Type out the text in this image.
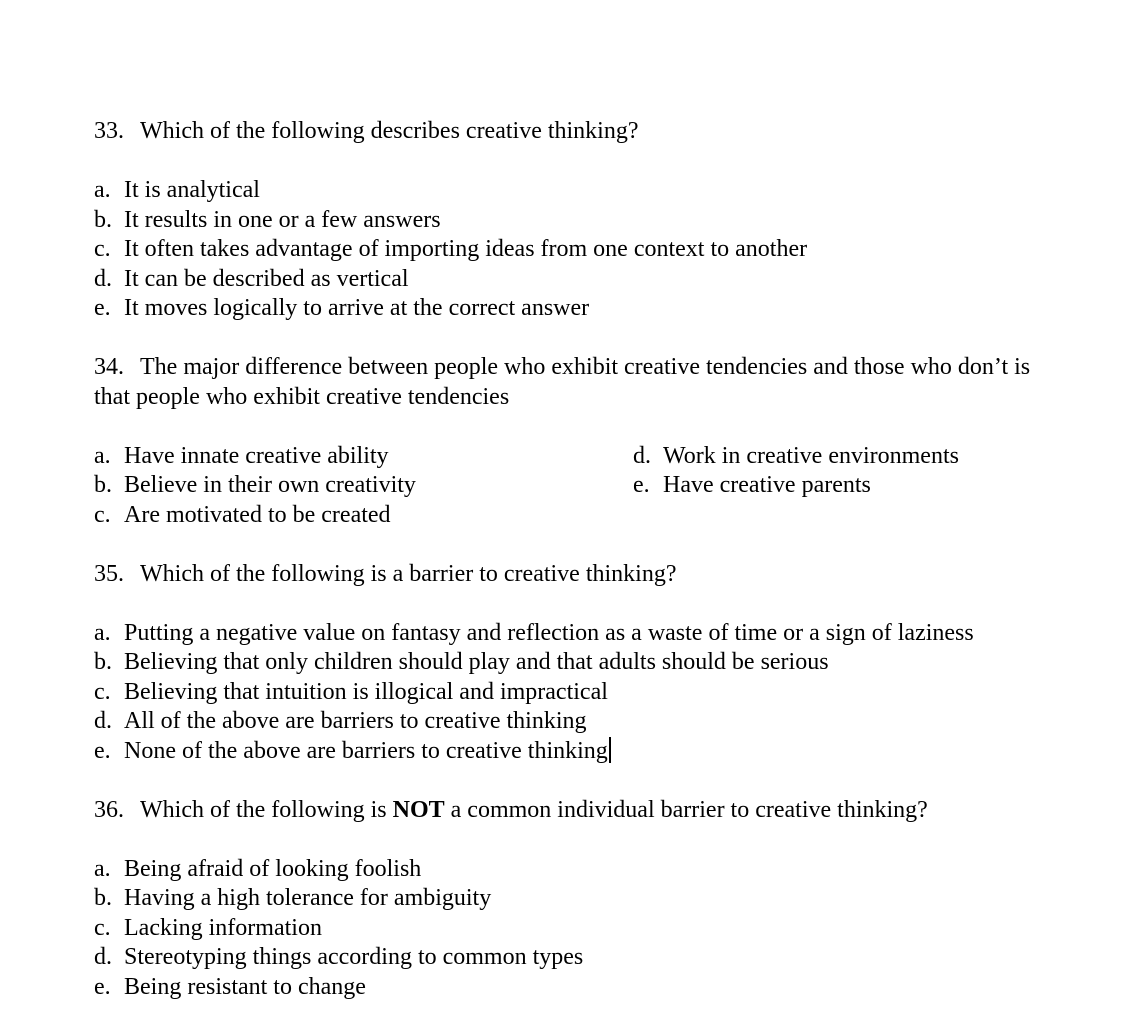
33. Which of the following describes creative thinking?
a. It is analytical
b. It results in one or a few answers
c. It often takes advantage of importing ideas from one context to another
d. It can be described as vertical
e. It moves logically to arrive at the correct answer
34. The major difference between people who exhibit creative tendencies and those who don’t is
that people who exhibit creative tendencies
a. Have innate creative ability
b. Believe in their own creativity
c. Are motivated to be created
d. Work in creative environments
e. Have creative parents
35. Which of the following is a barrier to creative thinking?
a. Putting a negative value on fantasy and reflection as a waste of time or a sign of laziness
b. Believing that only children should play and that adults should be serious
c. Believing that intuition is illogical and impractical
d. All of the above are barriers to creative thinking
e. None of the above are barriers to creative thinking
36. Which of the following is NOT a common individual barrier to creative thinking?
a. Being afraid of looking foolish
b. Having a high tolerance for ambiguity
c. Lacking information
d. Stereotyping things according to common types
e. Being resistant to change
